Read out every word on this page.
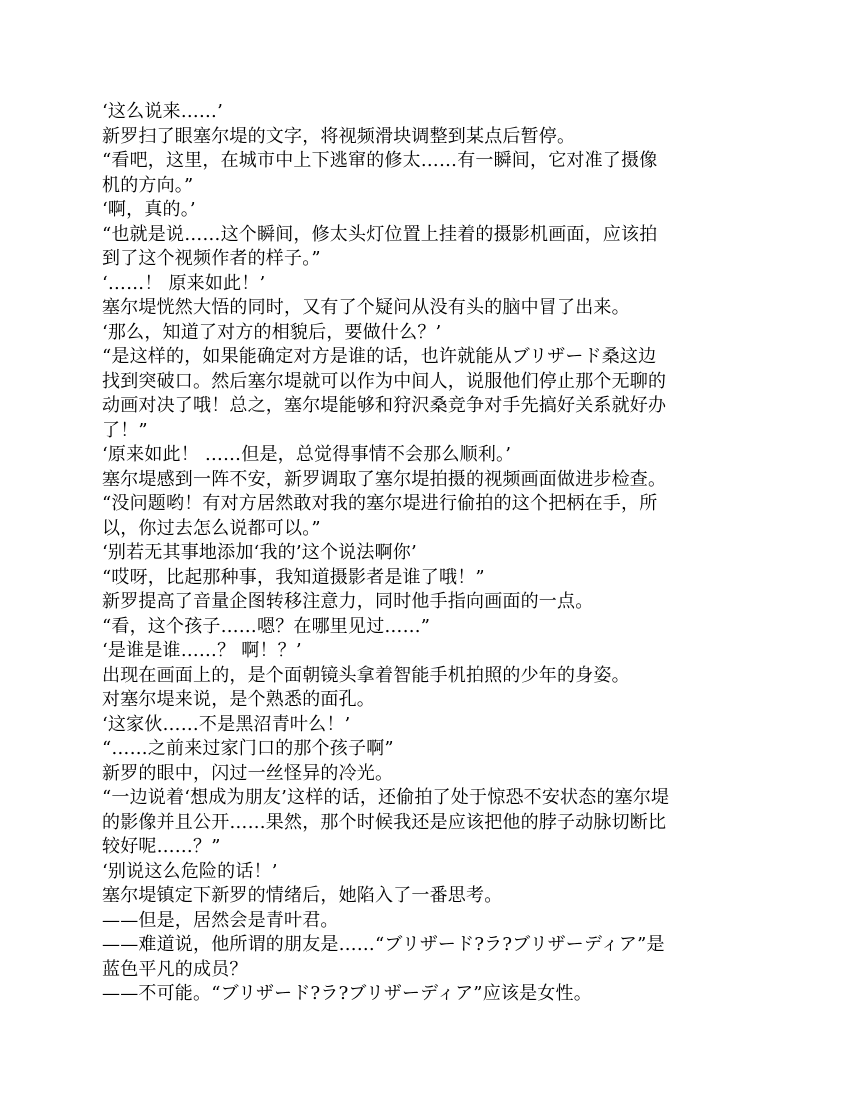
‘这么说来……’
新罗扫了眼塞尔堤的文字，将视频滑块调整到某点后暂停。
“看吧，这里，在城市中上下逃窜的修太……有一瞬间，它对准了摄像
机的方向。”
‘啊，真的。’
“也就是说……这个瞬间，修太头灯位置上挂着的摄影机画面，应该拍
到了这个视频作者的样子。”
‘……！ 原来如此！’
塞尔堤恍然大悟的同时，又有了个疑问从没有头的脑中冒了出来。
‘那么，知道了对方的相貌后，要做什么？’
“是这样的，如果能确定对方是谁的话，也许就能从ブリザード桑这边
找到突破口。然后塞尔堤就可以作为中间人，说服他们停止那个无聊的
动画对决了哦！总之，塞尔堤能够和狩沢桑竞争对手先搞好关系就好办
了！”
‘原来如此！ ……但是，总觉得事情不会那么顺利。’
塞尔堤感到一阵不安，新罗调取了塞尔堤拍摄的视频画面做进步检查。
“没问题哟！有对方居然敢对我的塞尔堤进行偷拍的这个把柄在手，所
以，你过去怎么说都可以。”
‘别若无其事地添加‘我的’这个说法啊你’
“哎呀，比起那种事，我知道摄影者是谁了哦！”
新罗提高了音量企图转移注意力，同时他手指向画面的一点。
“看，这个孩子……嗯？在哪里见过……”
‘是谁是谁……？ 啊！？’
出现在画面上的，是个面朝镜头拿着智能手机拍照的少年的身姿。
对塞尔堤来说，是个熟悉的面孔。
‘这家伙……不是黑沼青叶么！’
“……之前来过家门口的那个孩子啊”
新罗的眼中，闪过一丝怪异的冷光。
“一边说着‘想成为朋友’这样的话，还偷拍了处于惊恐不安状态的塞尔堤
的影像并且公开……果然，那个时候我还是应该把他的脖子动脉切断比
较好呢……？”
‘别说这么危险的话！’
塞尔堤镇定下新罗的情绪后，她陷入了一番思考。
——但是，居然会是青叶君。
——难道说，他所谓的朋友是……“ブリザード?ラ?ブリザーディア”是
蓝色平凡的成员？
——不可能。“ブリザード?ラ?ブリザーディア”应该是女性。
